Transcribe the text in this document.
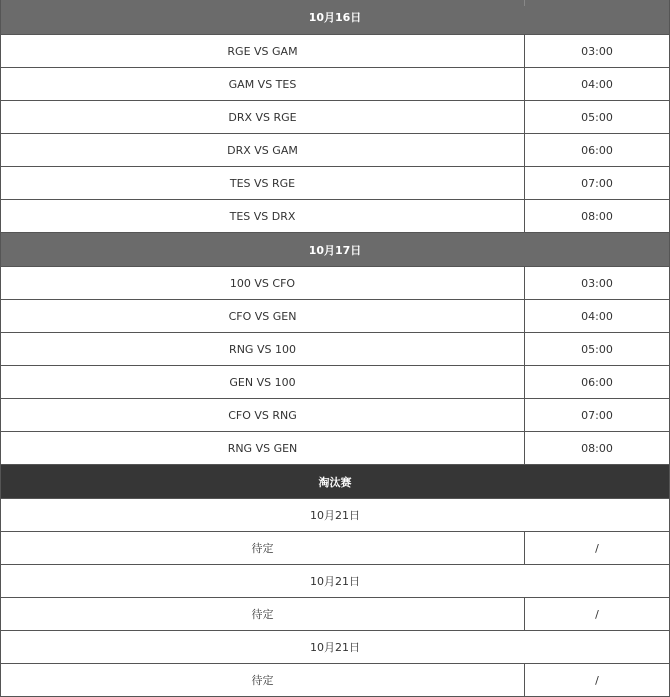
10月16日
RGE VS GAM	03:00
GAM VS TES	04:00
DRX VS RGE	05:00
DRX VS GAM	06:00
TES VS RGE	07:00
TES VS DRX	08:00
10月17日
100 VS CFO	03:00
CFO VS GEN	04:00
RNG VS 100	05:00
GEN VS 100	06:00
CFO VS RNG	07:00
RNG VS GEN	08:00
淘汰赛
10月21日
待定	/
10月21日
待定	/
10月21日
待定	/
